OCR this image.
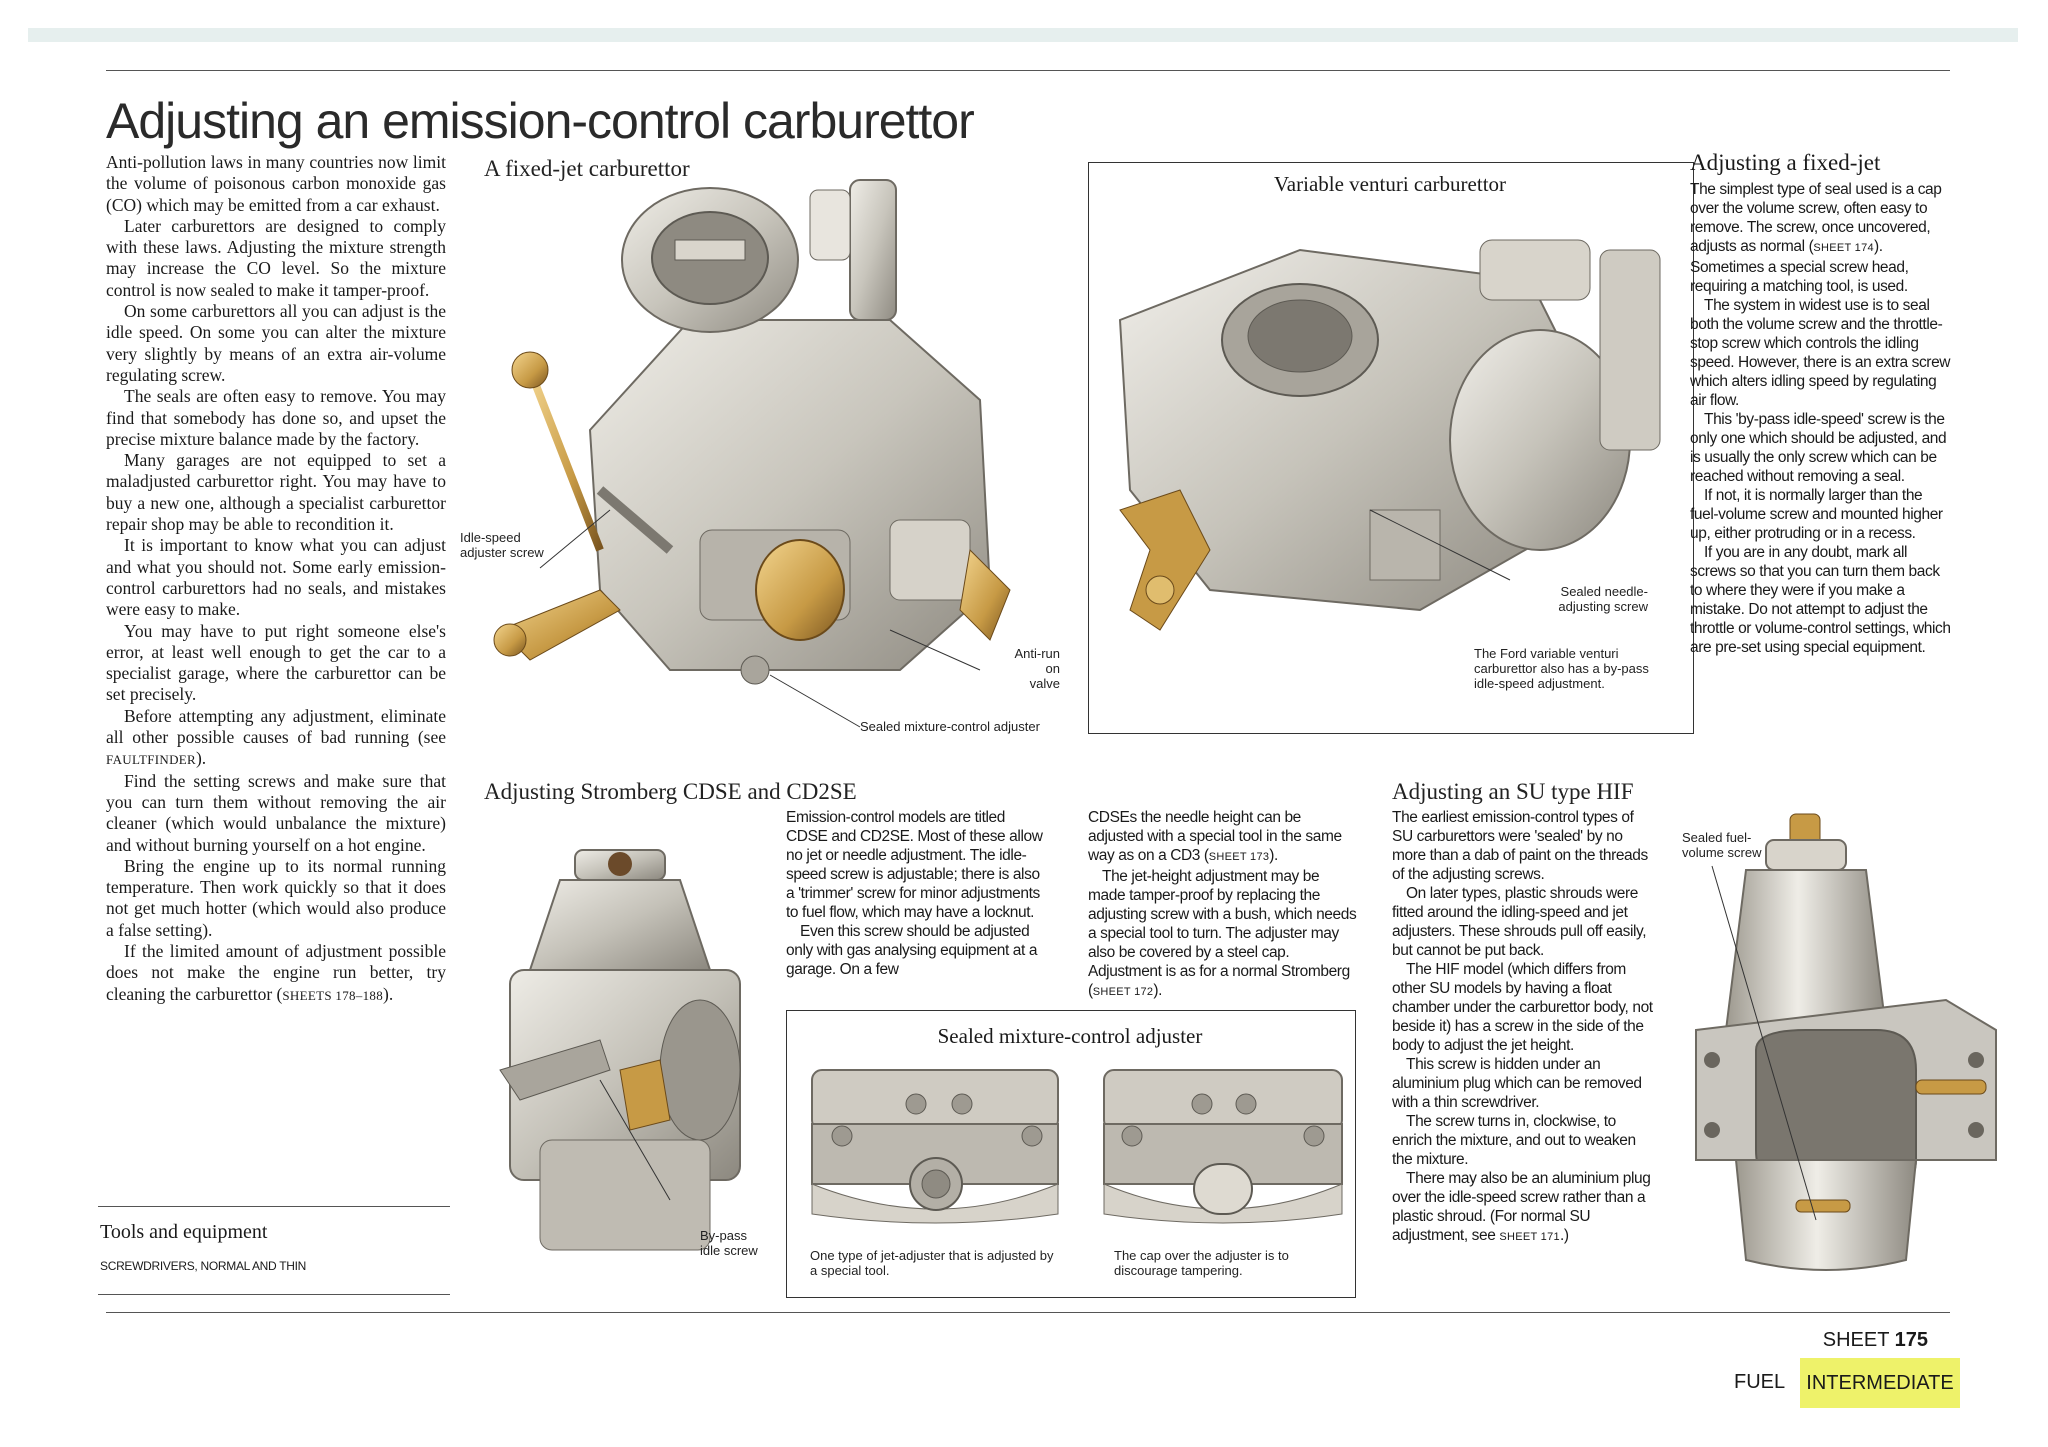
Adjusting an emission-control carburettor

Anti-pollution laws in many countries now limit the volume of poisonous carbon monoxide gas (CO) which may be emitted from a car exhaust.

Later carburettors are designed to comply with these laws. Adjusting the mixture strength may increase the CO level. So the mixture control is now sealed to make it tamper-proof.

On some carburettors all you can adjust is the idle speed. On some you can alter the mixture very slightly by means of an extra air-volume regulating screw.

The seals are often easy to remove. You may find that somebody has done so, and upset the precise mixture balance made by the factory.

Many garages are not equipped to set a maladjusted carburettor right. You may have to buy a new one, although a specialist carburettor repair shop may be able to recondition it.

It is important to know what you can adjust and what you should not. Some early emission-control carburettors had no seals, and mistakes were easy to make.

You may have to put right someone else's error, at least well enough to get the car to a specialist garage, where the carburettor can be set precisely.

Before attempting any adjustment, eliminate all other possible causes of bad running (see FAULTFINDER).

Find the setting screws and make sure that you can turn them without removing the air cleaner (which would unbalance the mixture) and without burning yourself on a hot engine.

Bring the engine up to its normal running temperature. Then work quickly so that it does not get much hotter (which would also produce a false setting).

If the limited amount of adjustment possible does not make the engine run better, try cleaning the carburettor (SHEETS 178–188).

Tools and equipment
SCREWDRIVERS, NORMAL AND THIN
A fixed-jet carburettor
Idle-speed adjuster screw
Anti-run on valve
Sealed mixture-control adjuster
Variable venturi carburettor
Sealed needle-adjusting screw
The Ford variable venturi carburettor also has a by-pass idle-speed adjustment.
Adjusting a fixed-jet

The simplest type of seal used is a cap over the volume screw, often easy to remove. The screw, once uncovered, adjusts as normal (SHEET 174). Sometimes a special screw head, requiring a matching tool, is used.

The system in widest use is to seal both the volume screw and the throttle-stop screw which controls the idling speed. However, there is an extra screw which alters idling speed by regulating air flow.

This 'by-pass idle-speed' screw is the only one which should be adjusted, and is usually the only screw which can be reached without removing a seal.

If not, it is normally larger than the fuel-volume screw and mounted higher up, either protruding or in a recess.

If you are in any doubt, mark all screws so that you can turn them back to where they were if you make a mistake. Do not attempt to adjust the throttle or volume-control settings, which are pre-set using special equipment.

Adjusting Stromberg CDSE and CD2SE
By-pass idle screw

Emission-control models are titled CDSE and CD2SE. Most of these allow no jet or needle adjustment. The idle-speed screw is adjustable; there is also a 'trimmer' screw for minor adjustments to fuel flow, which may have a locknut.

Even this screw should be adjusted only with gas analysing equipment at a garage. On a few

CDSEs the needle height can be adjusted with a special tool in the same way as on a CD3 (SHEET 173).

The jet-height adjustment may be made tamper-proof by replacing the adjusting screw with a bush, which needs a special tool to turn. The adjuster may also be covered by a steel cap. Adjustment is as for a normal Stromberg (SHEET 172).

Sealed mixture-control adjuster
One type of jet-adjuster that is adjusted by a special tool.
The cap over the adjuster is to discourage tampering.
Adjusting an SU type HIF

The earliest emission-control types of SU carburettors were 'sealed' by no more than a dab of paint on the threads of the adjusting screws.

On later types, plastic shrouds were fitted around the idling-speed and jet adjusters. These shrouds pull off easily, but cannot be put back.

The HIF model (which differs from other SU models by having a float chamber under the carburettor body, not beside it) has a screw in the side of the body to adjust the jet height.

This screw is hidden under an aluminium plug which can be removed with a thin screwdriver.

The screw turns in, clockwise, to enrich the mixture, and out to weaken the mixture.

There may also be an aluminium plug over the idle-speed screw rather than a plastic shroud. (For normal SU adjustment, see SHEET 171.)

Sealed fuel-volume screw
SHEET 175
FUEL	INTERMEDIATE
